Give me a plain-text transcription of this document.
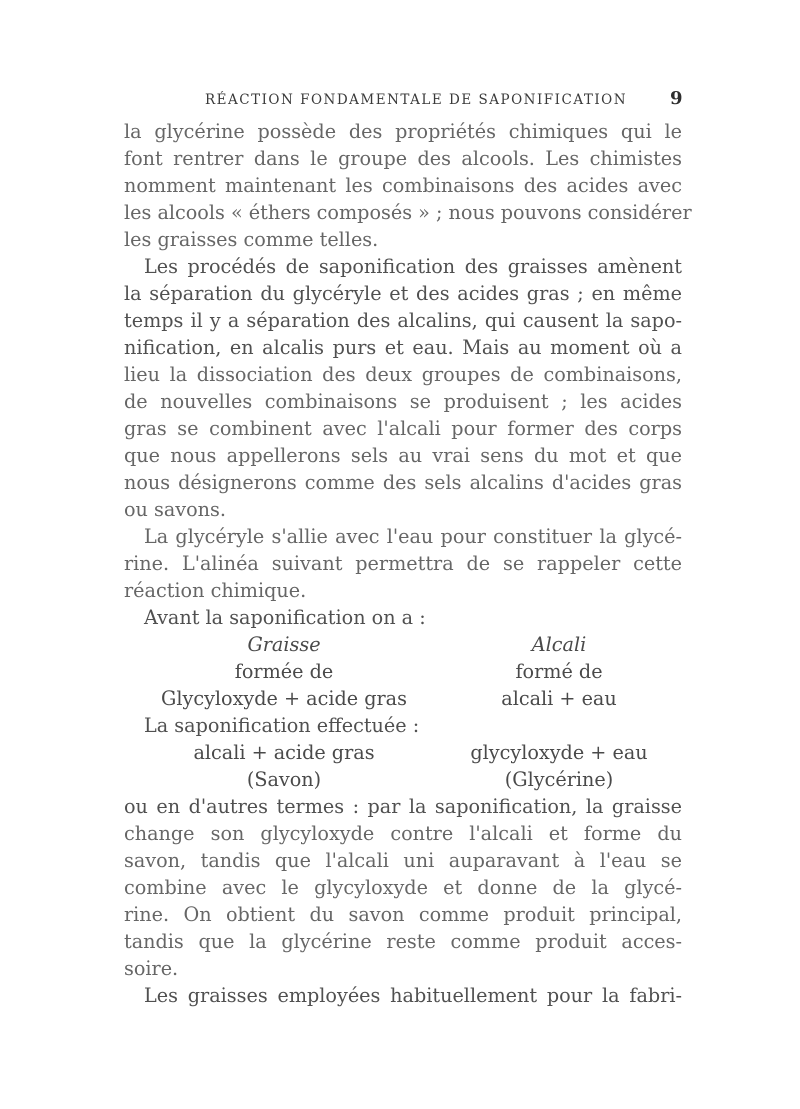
RÉACTION FONDAMENTALE DE SAPONIFICATION 9
la glycérine possède des propriétés chimiques qui le
font rentrer dans le groupe des alcools. Les chimistes
nomment maintenant les combinaisons des acides avec
les alcools « éthers composés » ; nous pouvons considérer
les graisses comme telles.
Les procédés de saponification des graisses amènent
la séparation du glycéryle et des acides gras ; en même
temps il y a séparation des alcalins, qui causent la sapo-
nification, en alcalis purs et eau. Mais au moment où a
lieu la dissociation des deux groupes de combinaisons,
de nouvelles combinaisons se produisent ; les acides
gras se combinent avec l'alcali pour former des corps
que nous appellerons sels au vrai sens du mot et que
nous désignerons comme des sels alcalins d'acides gras
ou savons.
La glycéryle s'allie avec l'eau pour constituer la glycé-
rine. L'alinéa suivant permettra de se rappeler cette
réaction chimique.
Avant la saponification on a :
Graisse	Alcali
formée de	formé de
Glycyloxyde + acide gras	alcali + eau
La saponification effectuée :
alcali + acide gras	glycyloxyde + eau
(Savon)	(Glycérine)
ou en d'autres termes : par la saponification, la graisse
change son glycyloxyde contre l'alcali et forme du
savon, tandis que l'alcali uni auparavant à l'eau se
combine avec le glycyloxyde et donne de la glycé-
rine. On obtient du savon comme produit principal,
tandis que la glycérine reste comme produit acces-
soire.
Les graisses employées habituellement pour la fabri-
